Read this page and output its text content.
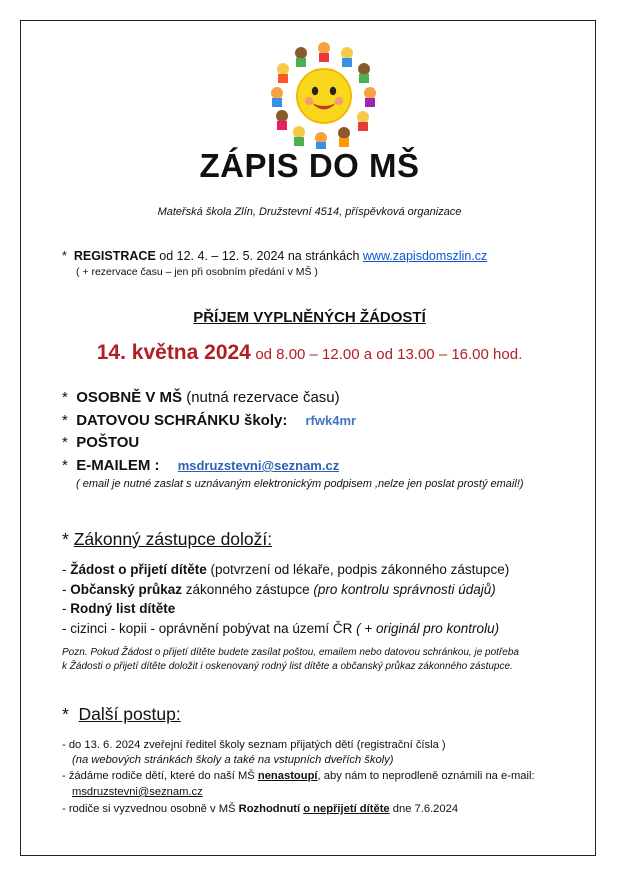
ZÁPIS DO MŠ
Mateřská škola Zlín, Družstevní 4514, příspěvková organizace
* REGISTRACE od 12. 4. – 12. 5. 2024 na stránkách www.zapisdomszlin.cz
( + rezervace času – jen při osobním předání v MŠ )
PŘÍJEM VYPLNĚNÝCH ŽÁDOSTÍ
14. května 2024 od 8.00 – 12.00 a od 13.00 – 16.00 hod.
*  OSOBNĚ V MŠ (nutná rezervace času)
*  DATOVOU SCHRÁNKU školy: rfwk4mr
*  POŠTOU
*  E-MAILEM : msdruzstevni@seznam.cz
( email je nutné zaslat s uznávaným elektronickým podpisem ,nelze jen poslat prostý email!)
* Zákonný zástupce doloží:
- Žádost o přijetí dítěte (potvrzení od lékaře, podpis zákonného zástupce)
- Občanský průkaz zákonného zástupce (pro kontrolu správnosti údajů)
- Rodný list dítěte
- cizinci - kopii - oprávnění pobývat na území ČR ( + originál pro kontrolu)
Pozn. Pokud Žádost o přijetí dítěte budete zasílat poštou, emailem nebo datovou schránkou, je potřeba
k Žádosti o přijetí dítěte doložit i oskenovaný rodný list dítěte a občanský průkaz zákonného zástupce.
*  Další postup:
- do 13. 6. 2024 zveřejní ředitel školy seznam přijatých dětí (registrační čísla )
(na webových stránkách školy a také na vstupních dveřích školy)
- žádáme rodiče dětí, které do naší MŠ nenastoupí, aby nám to neprodleně oznámili na e-mail:
msdruzstevni@seznam.cz
- rodiče si vyzvednou osobně v MŠ Rozhodnutí o nepřijetí dítěte dne 7.6.2024
